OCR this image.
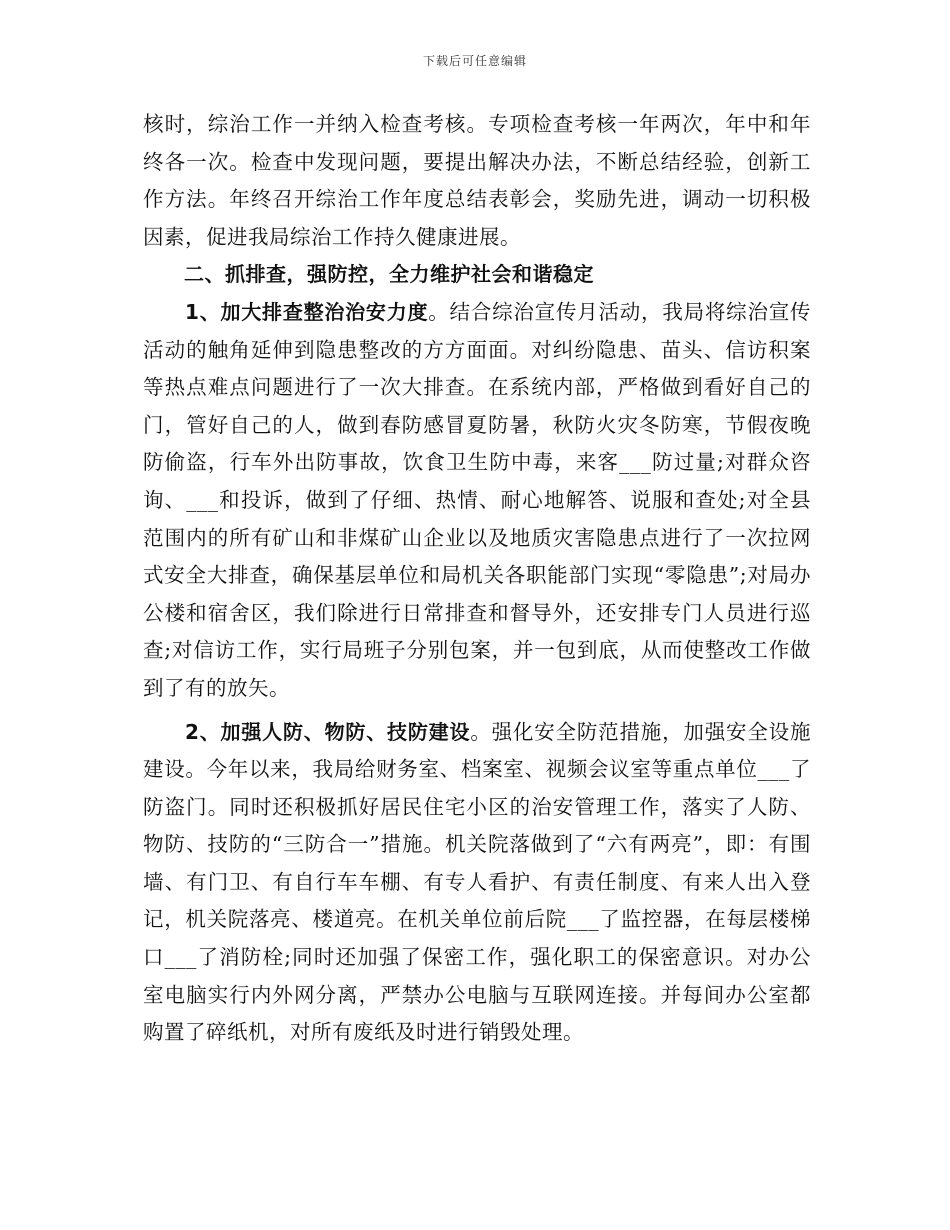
下载后可任意编辑

核时，综治工作一并纳入检查考核。专项检查考核一年两次，年中和年终各一次。检查中发现问题，要提出解决办法，不断总结经验，创新工作方法。年终召开综治工作年度总结表彰会，奖励先进，调动一切积极因素，促进我局综治工作持久健康进展。

二、抓排查，强防控，全力维护社会和谐稳定

1、加大排查整治治安力度。结合综治宣传月活动，我局将综治宣传活动的触角延伸到隐患整改的方方面面。对纠纷隐患、苗头、信访积案等热点难点问题进行了一次大排查。在系统内部，严格做到看好自己的门，管好自己的人，做到春防感冒夏防暑，秋防火灾冬防寒，节假夜晚防偷盗，行车外出防事故，饮食卫生防中毒，来客___防过量;对群众咨询、___和投诉，做到了仔细、热情、耐心地解答、说服和查处;对全县范围内的所有矿山和非煤矿山企业以及地质灾害隐患点进行了一次拉网式安全大排查，确保基层单位和局机关各职能部门实现“零隐患”;对局办公楼和宿舍区，我们除进行日常排查和督导外，还安排专门人员进行巡查;对信访工作，实行局班子分别包案，并一包到底，从而使整改工作做到了有的放矢。

2、加强人防、物防、技防建设。强化安全防范措施，加强安全设施建设。今年以来，我局给财务室、档案室、视频会议室等重点单位___了防盗门。同时还积极抓好居民住宅小区的治安管理工作，落实了人防、物防、技防的“三防合一”措施。机关院落做到了“六有两亮”，即：有围墙、有门卫、有自行车车棚、有专人看护、有责任制度、有来人出入登记，机关院落亮、楼道亮。在机关单位前后院___了监控器，在每层楼梯口___了消防栓;同时还加强了保密工作，强化职工的保密意识。对办公室电脑实行内外网分离，严禁办公电脑与互联网连接。并每间办公室都购置了碎纸机，对所有废纸及时进行销毁处理。
